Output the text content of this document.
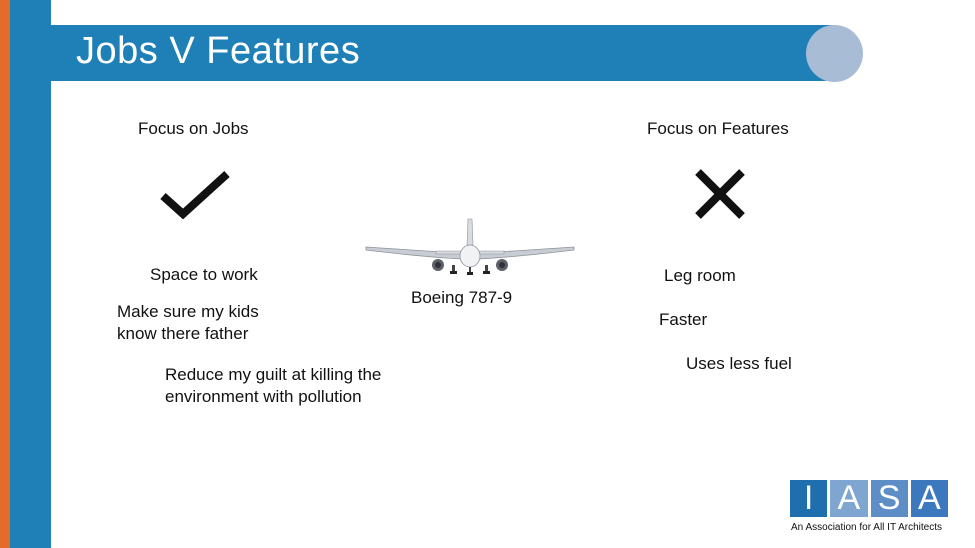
Jobs V Features
Focus on Jobs
Space to work
Make sure my kids know there father
Reduce my guilt at killing the environment with pollution
Boeing 787-9
Focus on Features
Leg room
Faster
Uses less fuel
I A S A
An Association for All IT Architects
